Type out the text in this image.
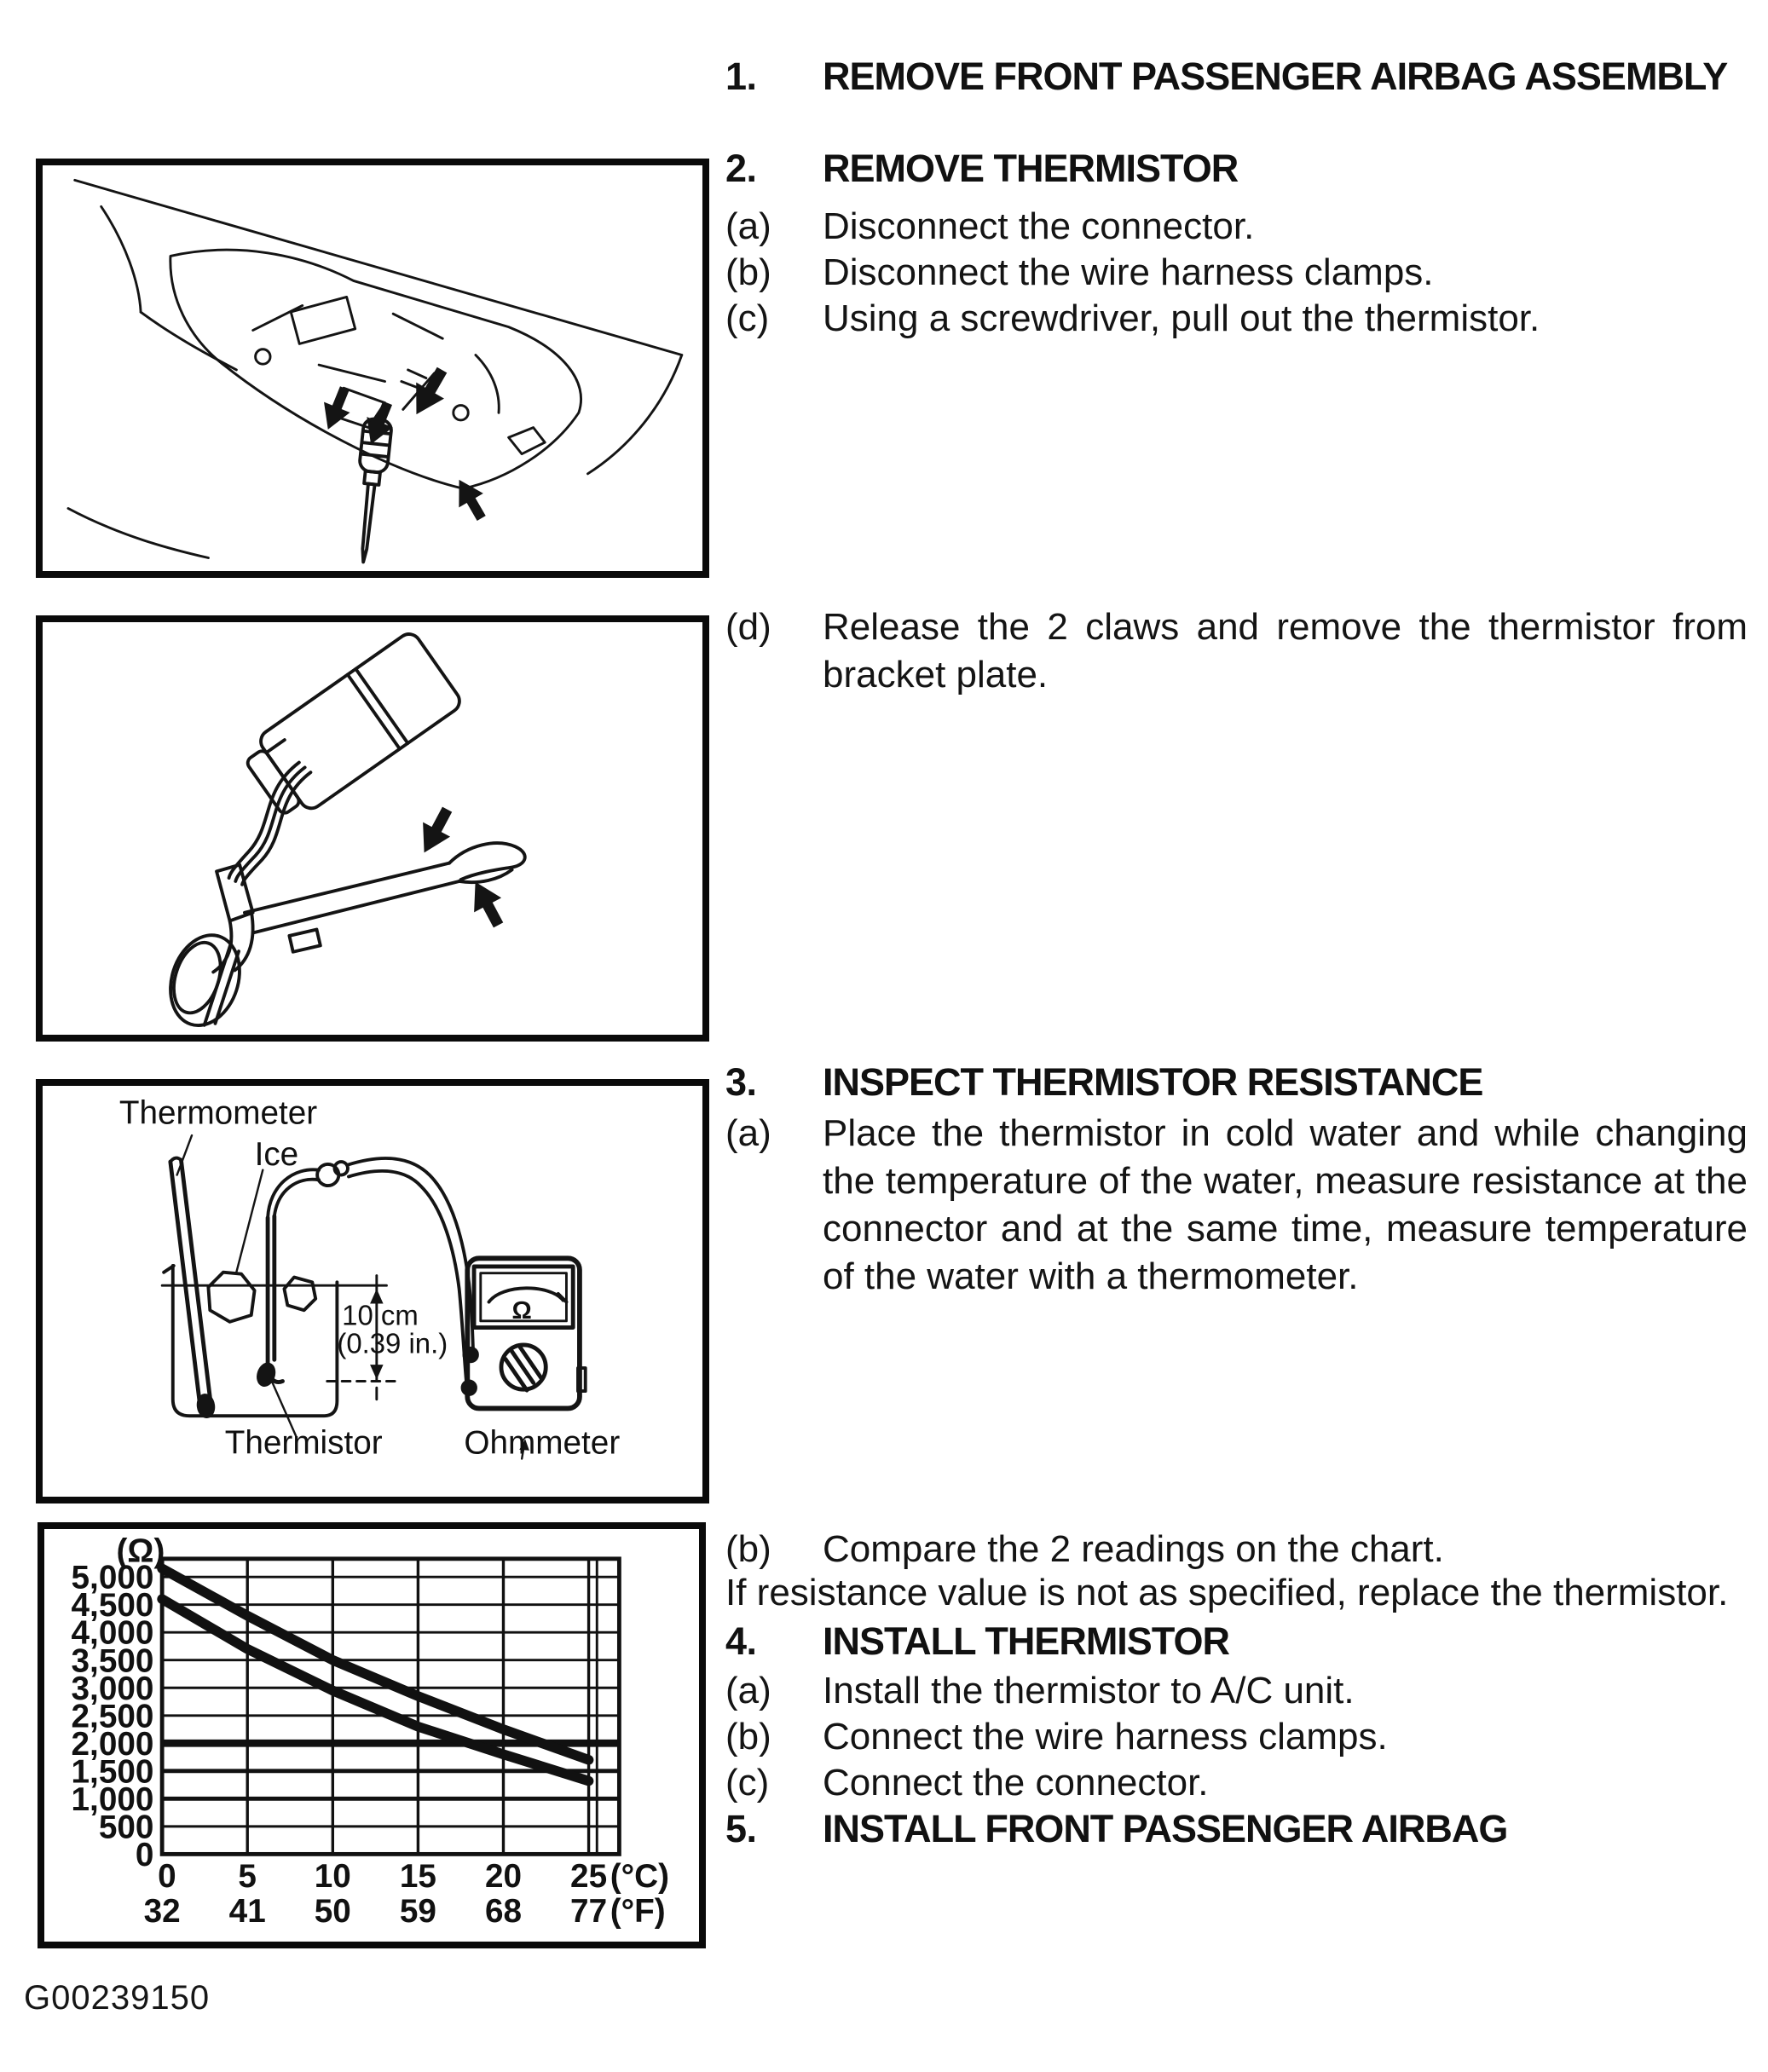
Thermometer
Ice
10 cm
(0.39 in.)
Thermistor Ohmmeter
Ω
0
500
1,000
1,500
2,000
2,500
3,000
3,500
4,000
4,500
5,000
0 5 10 15 20 25 (°C)
32 41 50 59 68 77 (°F)
(Ω)
G00239150
1.	REMOVE FRONT PASSENGER AIRBAG ASSEMBLY
2.	REMOVE THERMISTOR
(a)	Disconnect the connector.
(b)	Disconnect the wire harness clamps.
(c)	Using a screwdriver, pull out the thermistor.
(d)	Release the 2 claws and remove the thermistor from bracket plate.
3.	INSPECT THERMISTOR RESISTANCE
(a)	Place the thermistor in cold water and while changing the temperature of the water, measure resistance at the connector and at the same time, measure temperature of the water with a thermometer.
(b)	Compare the 2 readings on the chart.
If resistance value is not as specified, replace the thermistor.
4.	INSTALL THERMISTOR
(a)	Install the thermistor to A/C unit.
(b)	Connect the wire harness clamps.
(c)	Connect the connector.
5.	INSTALL FRONT PASSENGER AIRBAG
